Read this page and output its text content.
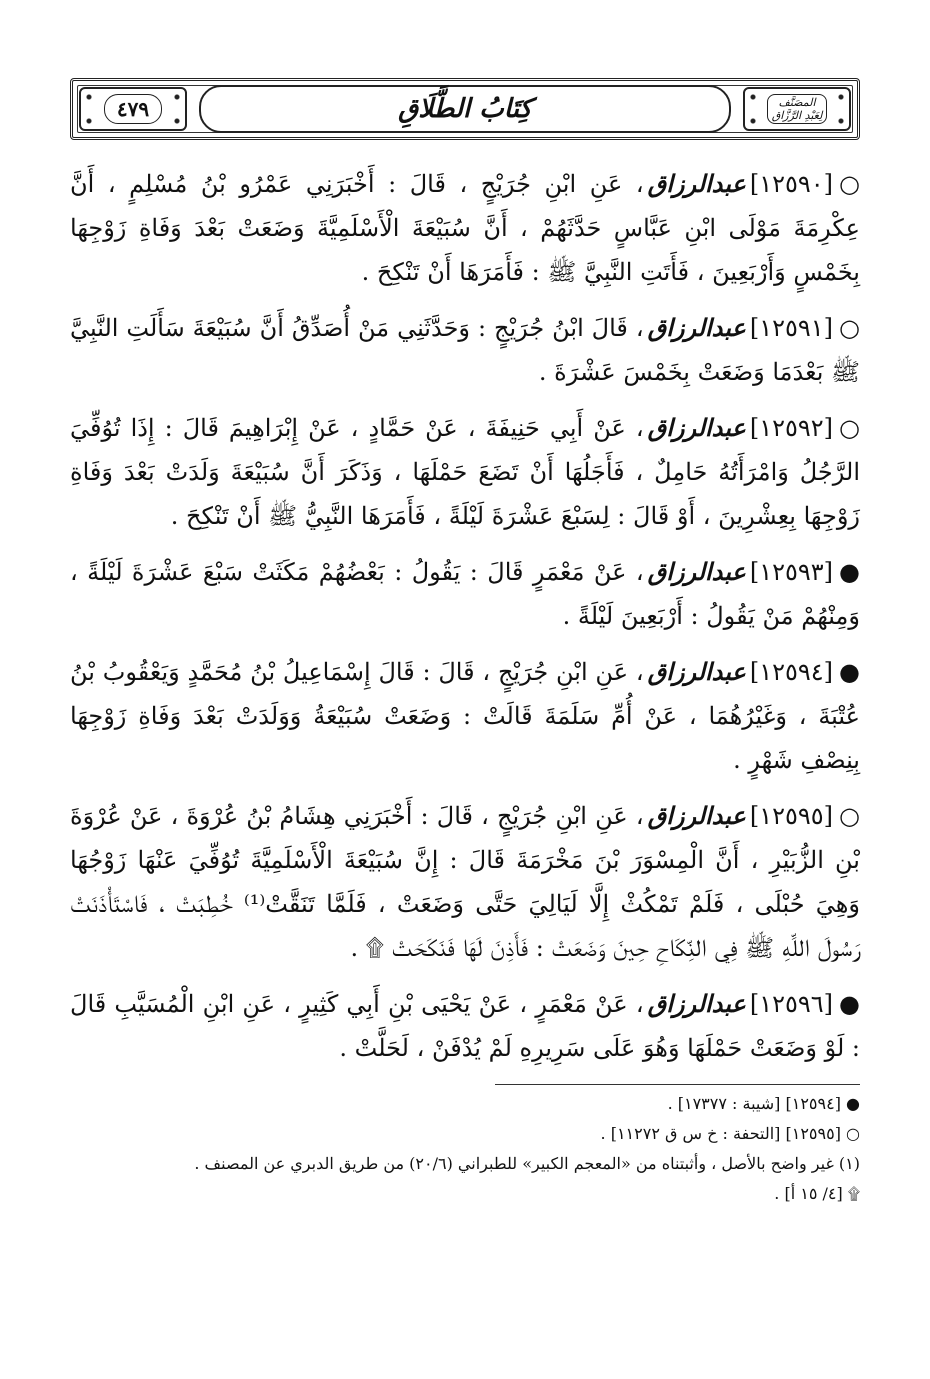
المصَنَّف
لِعَبْدِ الرَّزَّاق
كِتَابُ الطَّلَاقِ
٤٧٩

○[١٢٥٩٠]عبدالرزاق، عَنِ ابْنِ جُرَيْجٍ ، قَالَ : أَخْبَرَنِي عَمْرُو بْنُ مُسْلِمٍ ، أَنَّ عِكْرِمَةَ مَوْلَى ابْنِ عَبَّاسٍ حَدَّثَهُمْ ، أَنَّ سُبَيْعَةَ الْأَسْلَمِيَّةَ وَضَعَتْ بَعْدَ وَفَاةِ زَوْجِهَا بِخَمْسٍ وَأَرْبَعِينَ ، فَأَتَتِ النَّبِيَّ ﷺ : فَأَمَرَهَا أَنْ تَنْكِحَ .

○[١٢٥٩١]عبدالرزاق، قَالَ ابْنُ جُرَيْجٍ : وَحَدَّثَنِي مَنْ أُصَدِّقُ أَنَّ سُبَيْعَةَ سَأَلَتِ النَّبِيَّ ﷺ بَعْدَمَا وَضَعَتْ بِخَمْسَ عَشْرَةَ .

○[١٢٥٩٢]عبدالرزاق، عَنْ أَبِي حَنِيفَةَ ، عَنْ حَمَّادٍ ، عَنْ إِبْرَاهِيمَ قَالَ : إِذَا تُوُفِّيَ الرَّجُلُ وَامْرَأَتُهُ حَامِلٌ ، فَأَجَلُهَا أَنْ تَضَعَ حَمْلَهَا ، وَذَكَرَ أَنَّ سُبَيْعَةَ وَلَدَتْ بَعْدَ وَفَاةِ زَوْجِهَا بِعِشْرِينَ ، أَوْ قَالَ : لِسَبْعَ عَشْرَةَ لَيْلَةً ، فَأَمَرَهَا النَّبِيُّ ﷺ أَنْ تَنْكِحَ .

●[١٢٥٩٣]عبدالرزاق، عَنْ مَعْمَرٍ قَالَ : يَقُولُ : بَعْضُهُمْ مَكَثَتْ سَبْعَ عَشْرَةَ لَيْلَةً ، وَمِنْهُمْ مَنْ يَقُولُ : أَرْبَعِينَ لَيْلَةً .

●[١٢٥٩٤]عبدالرزاق، عَنِ ابْنِ جُرَيْجٍ ، قَالَ : قَالَ إِسْمَاعِيلُ بْنُ مُحَمَّدٍ وَيَعْقُوبُ بْنُ عُتْبَةَ ، وَغَيْرُهُمَا ، عَنْ أُمِّ سَلَمَةَ قَالَتْ : وَضَعَتْ سُبَيْعَةُ وَوَلَدَتْ بَعْدَ وَفَاةِ زَوْجِهَا بِنِصْفِ شَهْرٍ .

○[١٢٥٩٥]عبدالرزاق، عَنِ ابْنِ جُرَيْجٍ ، قَالَ : أَخْبَرَنِي هِشَامُ بْنُ عُرْوَةَ ، عَنْ عُرْوَةَ بْنِ الزُّبَيْرِ ، أَنَّ الْمِسْوَرَ بْنَ مَخْرَمَةَ قَالَ : إِنَّ سُبَيْعَةَ الْأَسْلَمِيَّةَ تُوُفِّيَ عَنْهَا زَوْجُهَا وَهِيَ حُبْلَى ، فَلَمْ تَمْكُثْ إِلَّا لَيَالِيَ حَتَّى وَضَعَتْ ، فَلَمَّا تَنَقَّتْ⁽¹⁾ خُطِبَتْ ، فَاسْتَأْذَنَتْ رَسُولَ اللَّهِ ﷺ فِي النِّكَاحِ حِينَ وَضَعَتْ : فَأَذِنَ لَهَا فَنَكَحَتْ ۩ .

●[١٢٥٩٦]عبدالرزاق، عَنْ مَعْمَرٍ ، عَنْ يَحْيَى بْنِ أَبِي كَثِيرٍ ، عَنِ ابْنِ الْمُسَيَّبِ قَالَ : لَوْ وَضَعَتْ حَمْلَهَا وَهُوَ عَلَى سَرِيرِهِ لَمْ يُدْفَنْ ، لَحَلَّتْ .

● [١٢٥٩٤] [شيبة : ١٧٣٧٧] .

○ [١٢٥٩٥] [التحفة : خ س ق ١١٢٧٢] .

(١) غير واضح بالأصل ، وأثبتناه من «المعجم الكبير» للطبراني (٢٠/٦) من طريق الدبري عن المصنف .

۩ [٤/ ١٥ أ] .
